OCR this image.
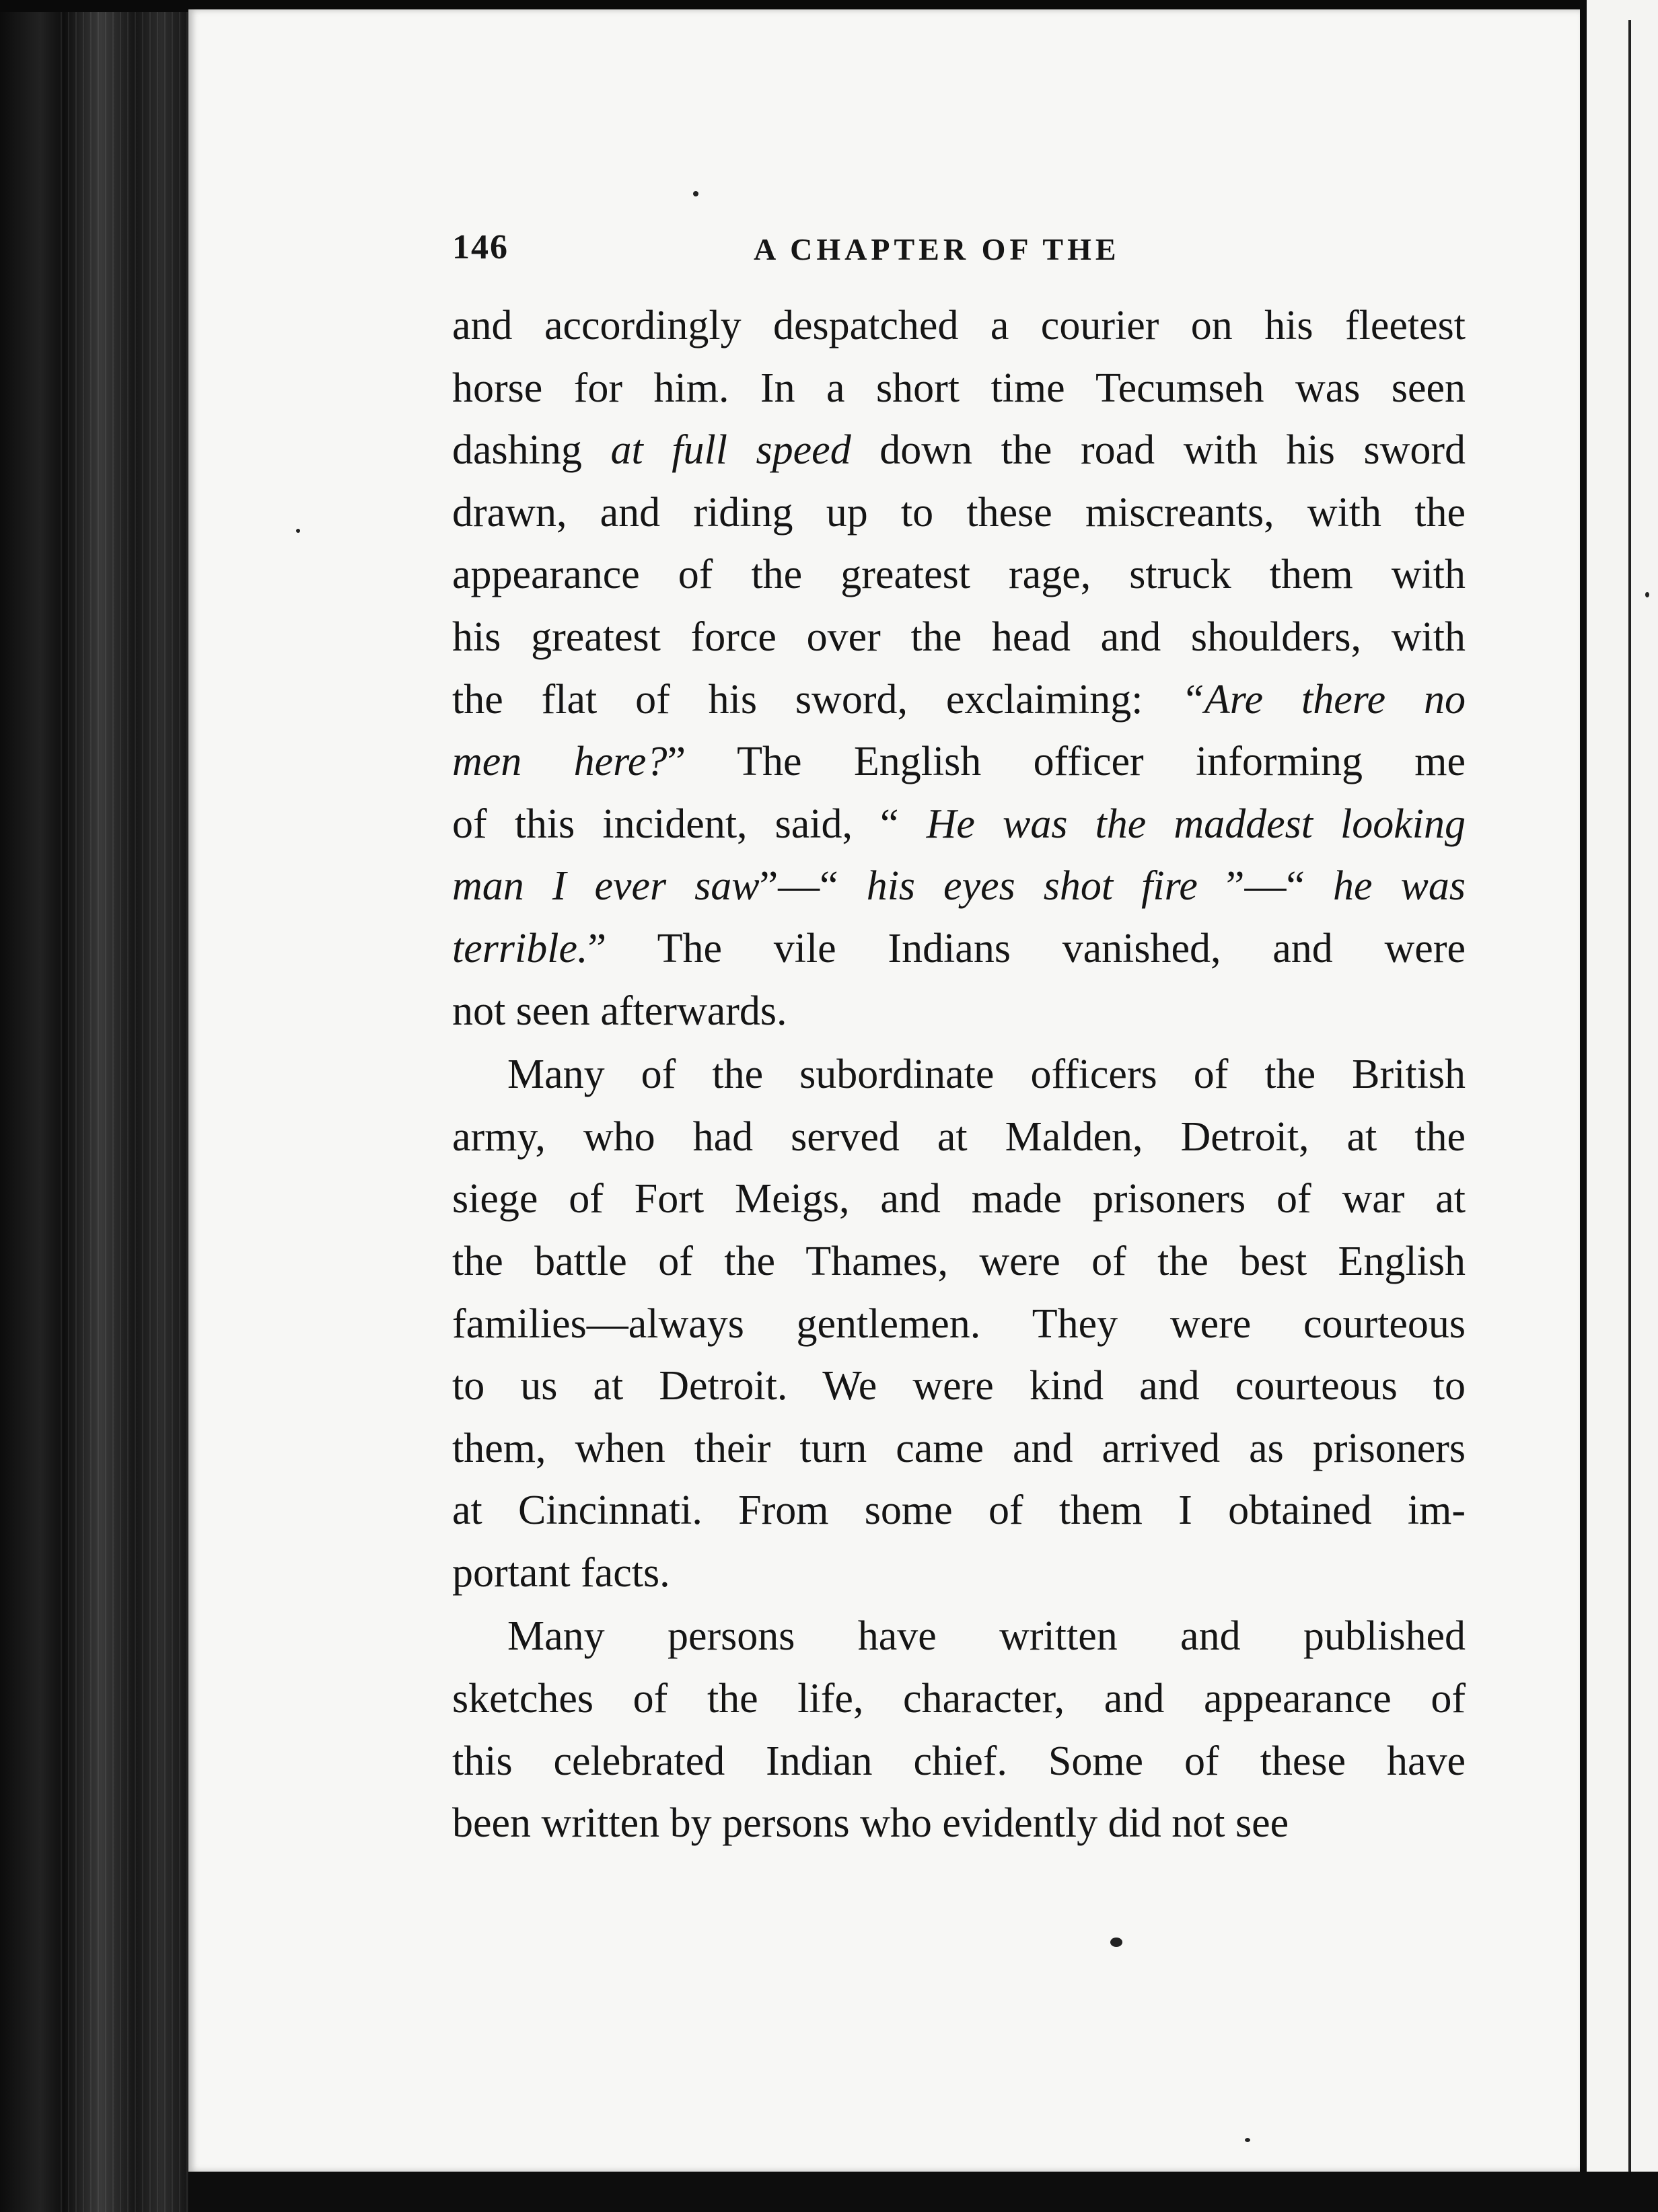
146	A CHAPTER OF THE
and accordingly despatched a courier on his fleetest
horse for him. In a short time Tecumseh was seen
dashing at full speed down the road with his sword
drawn, and riding up to these miscreants, with the
appearance of the greatest rage, struck them with
his greatest force over the head and shoulders, with
the flat of his sword, exclaiming: “Are there no
men here?” The English officer informing me
of this incident, said, “ He was the maddest looking
man I ever saw”—“ his eyes shot fire ”—“ he was
terrible.” The vile Indians vanished, and were
not seen afterwards.
Many of the subordinate officers of the British
army, who had served at Malden, Detroit, at the
siege of Fort Meigs, and made prisoners of war at
the battle of the Thames, were of the best English
families—always gentlemen. They were courteous
to us at Detroit. We were kind and courteous to
them, when their turn came and arrived as prisoners
at Cincinnati. From some of them I obtained im-
portant facts.
Many persons have written and published
sketches of the life, character, and appearance of
this celebrated Indian chief. Some of these have
been written by persons who evidently did not see
